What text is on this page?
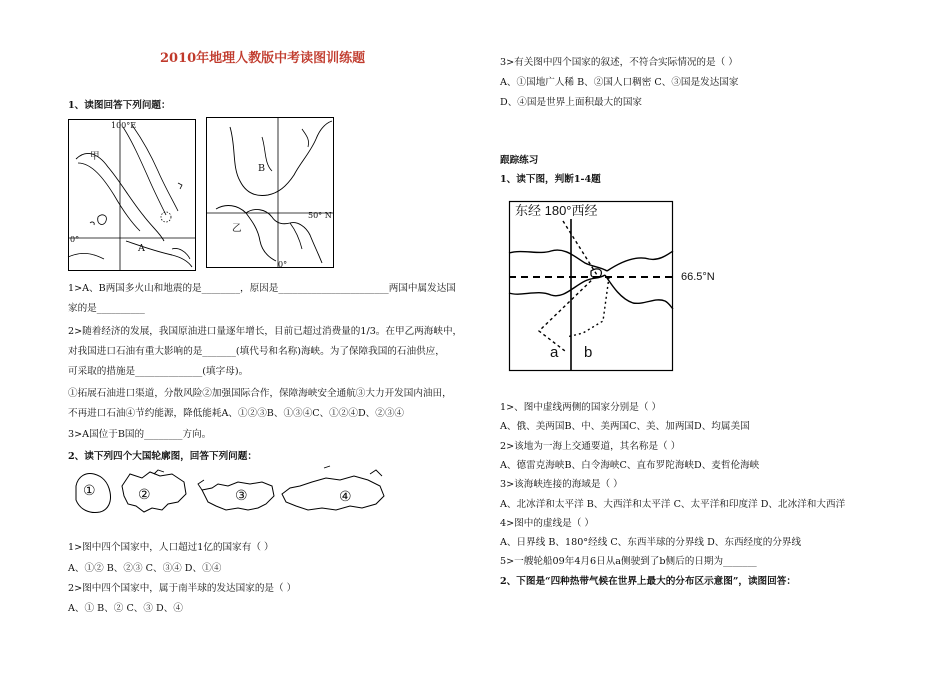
2010年地理人教版中考读图训练题
1、读图回答下列问题：
100°E
甲
0°
A
B
乙
50° N
0°
1>A、B两国多火山和地震的是________，原因是_______________________两国中属发达国
家的是__________
2>随着经济的发展，我国原油进口量逐年增长，目前已超过消费量的1/3。在甲乙两海峡中，
对我国进口石油有重大影响的是_______(填代号和名称)海峡。为了保障我国的石油供应，
可采取的措施是______________(填字母)。
①拓展石油进口渠道，分散风险②加强国际合作，保障海峡安全通航③大力开发国内油田，
不再进口石油④节约能源，降低能耗A、①②③B、①③④C、①②④D、②③④
3>A国位于B国的________方向。
2、读下列四个大国轮廓图，回答下列问题：
①	②	③	④
1>图中四个国家中，人口超过1亿的国家有（ ）
A、①② B、②③ C、③④ D、①④
2>图中四个国家中，属于南半球的发达国家的是（ ）
A、① B、② C、③ D、④
3>有关图中四个国家的叙述，不符合实际情况的是（ ）
A、①国地广人稀 B、②国人口稠密 C、③国是发达国家
D、④国是世界上面积最大的国家
跟踪练习
1、读下图，判断1-4题
东经 180°西经
66.5°N
a b
1>、图中虚线两侧的国家分别是（ ）
A、俄、美两国B、中、美两国C、美、加两国D、均属美国
2>该地为一海上交通要道，其名称是（ ）
A、德雷克海峡B、白令海峡C、直布罗陀海峡D、麦哲伦海峡
3>该海峡连接的海域是（ ）
A、北冰洋和太平洋 B、大西洋和太平洋 C、太平洋和印度洋 D、北冰洋和大西洋
4>图中的虚线是（ ）
A、日界线 B、180°经线 C、东西半球的分界线 D、东西经度的分界线
5>一艘轮船09年4月6日从a侧驶到了b侧后的日期为_______
2、下图是“四种热带气候在世界上最大的分布区示意图”，读图回答：
